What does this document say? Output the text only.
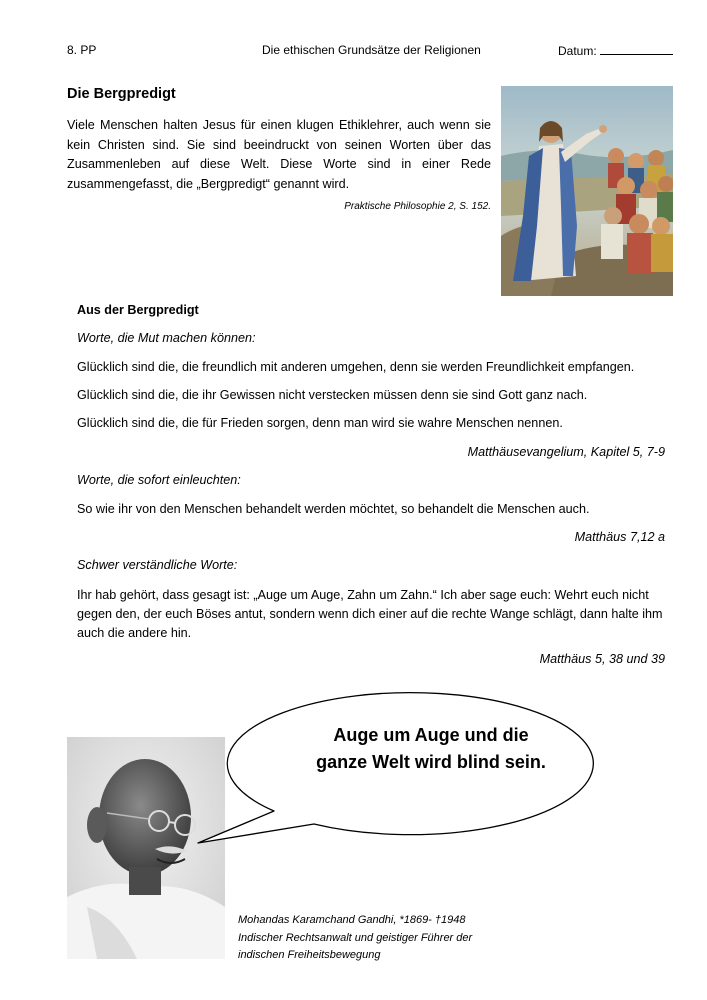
8. PP	Die ethischen Grundsätze der Religionen	Datum:
Die Bergpredigt

Viele Menschen halten Jesus für einen klugen Ethiklehrer, auch wenn sie kein Christen sind. Sie sind beeindruckt von seinen Worten über das Zusammenleben auf diese Welt. Diese Worte sind in einer Rede zusammengefasst, die „Bergpredigt“ genannt wird.

Praktische Philosophie 2, S. 152.
Aus der Bergpredigt
Worte, die Mut machen können:
Glücklich sind die, die freundlich mit anderen umgehen, denn sie werden Freundlichkeit empfangen.
Glücklich sind die, die ihr Gewissen nicht verstecken müssen denn sie sind Gott ganz nach.
Glücklich sind die, die für Frieden sorgen, denn man wird sie wahre Menschen nennen.
Matthäusevangelium, Kapitel 5, 7-9
Worte, die sofort einleuchten:
So wie ihr von den Menschen behandelt werden möchtet, so behandelt die Menschen auch.
Matthäus 7,12 a
Schwer verständliche Worte:
Ihr hab gehört, dass gesagt ist: „Auge um Auge, Zahn um Zahn.“ Ich aber sage euch: Wehrt euch nicht gegen den, der euch Böses antut, sondern wenn dich einer auf die rechte Wange schlägt, dann halte ihm auch die andere hin.
Matthäus 5, 38 und 39
Auge um Auge und die
ganze Welt wird blind sein.
Mohandas Karamchand Gandhi, *1869- †1948
Indischer Rechtsanwalt und geistiger Führer der
indischen Freiheitsbewegung
